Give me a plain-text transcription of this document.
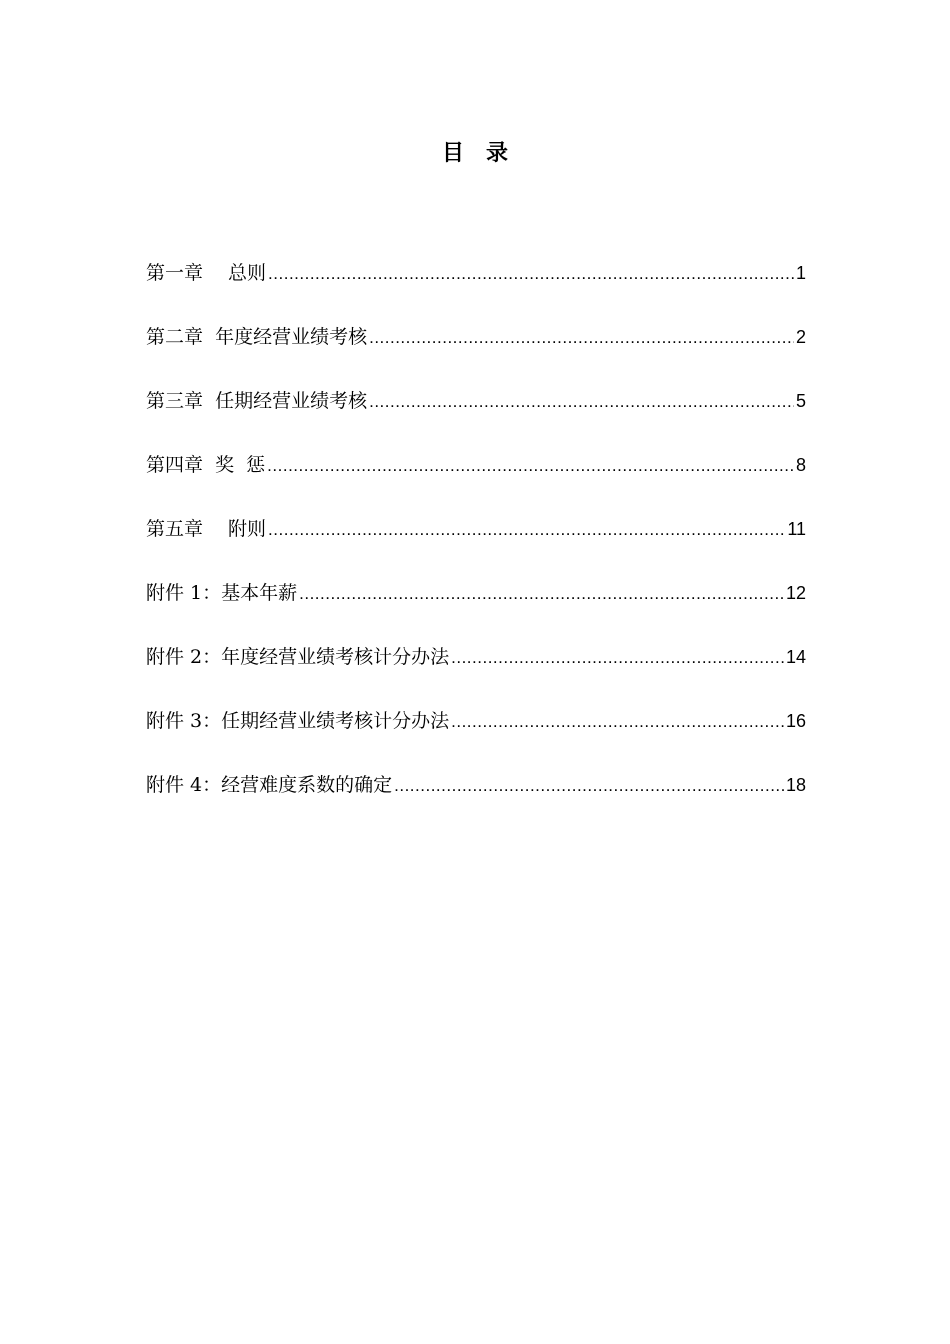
目　录
第一章　 总则 .....	1
第二章  年度经营业绩考核 .....	2
第三章  任期经营业绩考核 .....	5
第四章  奖  惩 .....	8
第五章　 附则 .....	11
附件 1：基本年薪 .....	12
附件 2：年度经营业绩考核计分办法 .....	14
附件 3：任期经营业绩考核计分办法 .....	16
附件 4：经营难度系数的确定 .....	18
